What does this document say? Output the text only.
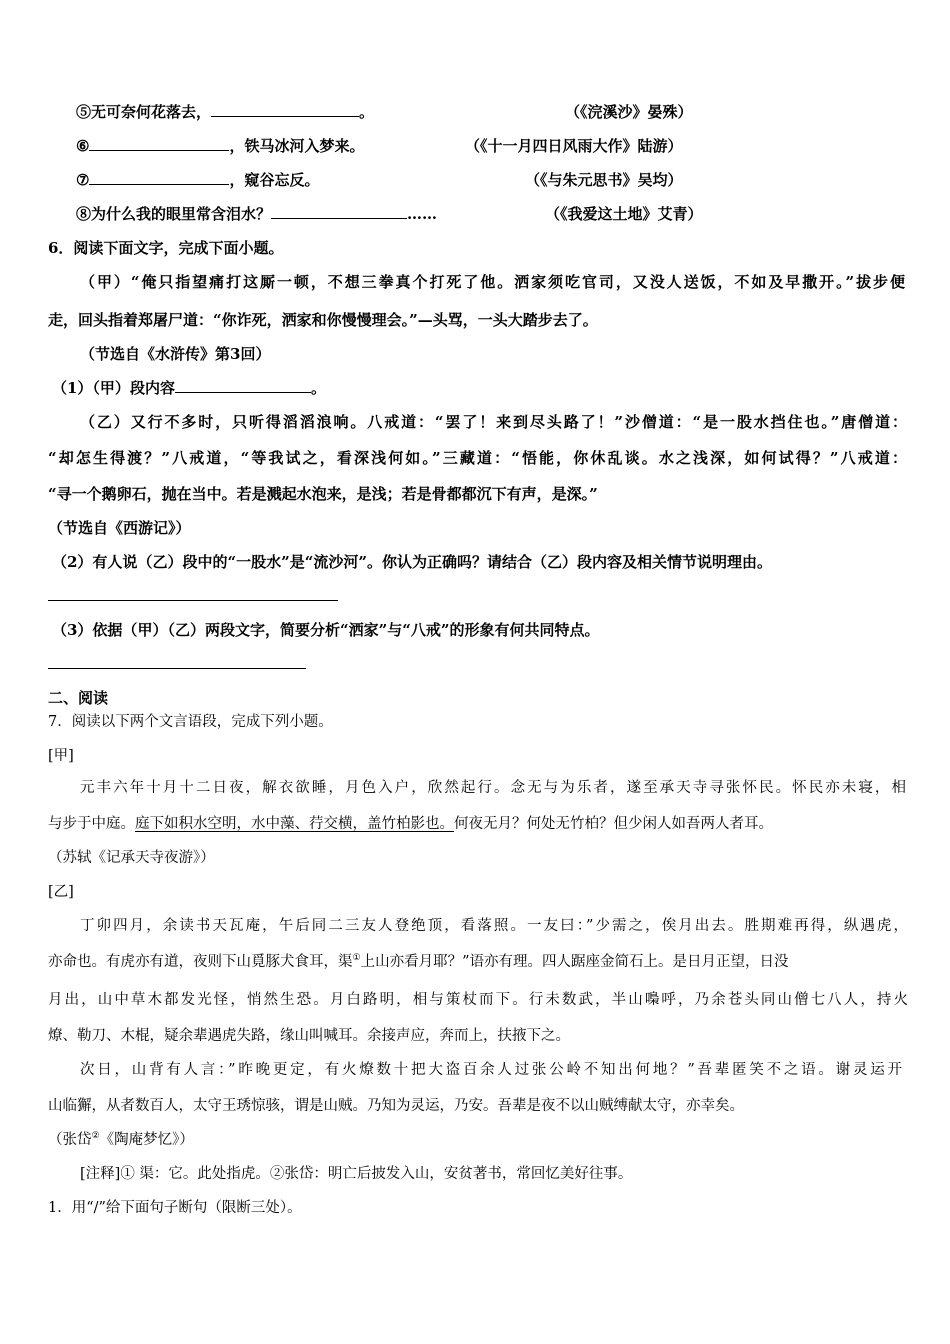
⑤无可奈何花落去，	。	（《浣溪沙》晏殊）
⑥	，铁马冰河入梦来。	（《十一月四日风雨大作》陆游）
⑦	，窥谷忘反。	（《与朱元思书》吴均）
⑧为什么我的眼里常含泪水？	……	（《我爱这土地》艾青）
6．阅读下面文字，完成下面小题。
（甲）“俺只指望痛打这厮一顿，不想三拳真个打死了他。洒家须吃官司，又没人送饭，不如及早撒开。”拔步便
走，回头指着郑屠尸道：“你诈死，洒家和你慢慢理会。”—头骂，一头大踏步去了。
（节选自《水浒传》第3回）
（1）（甲）段内容	。
（乙）又行不多时，只听得滔滔浪响。八戒道：“罢了！来到尽头路了！”沙僧道：“是一股水挡住也。”唐僧道：
“却怎生得渡？”八戒道，“等我试之，看深浅何如。”三藏道：“悟能，你休乱谈。水之浅深，如何试得？”八戒道：
“寻一个鹅卵石，抛在当中。若是溅起水泡来，是浅；若是骨都都沉下有声，是深。”
（节选自《西游记》）
（2）有人说（乙）段中的“一股水”是“流沙河”。你认为正确吗？请结合（乙）段内容及相关情节说明理由。
（3）依据（甲）（乙）两段文字，简要分析“洒家”与“八戒”的形象有何共同特点。
二、阅读
7．阅读以下两个文言语段，完成下列小题。
[甲]
元丰六年十月十二日夜，解衣欲睡，月色入户，欣然起行。念无与为乐者，遂至承天寺寻张怀民。怀民亦未寝，相
与步于中庭。庭下如积水空明，水中藻、荇交横，盖竹柏影也。何夜无月？何处无竹柏？但少闲人如吾两人者耳。
（苏轼《记承天寺夜游》）
[乙]
丁卯四月，余读书天瓦庵，午后同二三友人登绝顶，看落照。一友曰：”少需之，俟月出去。胜期难再得，纵遇虎，
亦命也。有虎亦有道，夜则下山覓豚犬食耳，渠①上山亦看月耶？”语亦有理。四人踞座金简石上。是日月正望，日没
月出，山中草木都发光怪，悄然生恐。月白路明，相与策杖而下。行未数武，半山嘄呼，乃余苍头同山僧七八人，持火
燎、勒刀、木棍，疑余辈遇虎失路，缘山叫喊耳。余接声应，奔而上，扶掖下之。
次日，山背有人言：”昨晚更定，有火燎数十把大盗百余人过张公岭不知出何地？”吾辈匿笑不之语。谢灵运开
山临獬，从者数百人，太守王琇惊骇，谓是山贼。乃知为灵运，乃安。吾辈是夜不以山贼缚献太守，亦幸矣。
（张岱②《陶庵梦忆》）
[注释]① 渠：它。此处指虎。②张岱：明亡后披发入山，安贫著书，常回忆美好往事。
1．用“/”给下面句子断句（限断三处）。
